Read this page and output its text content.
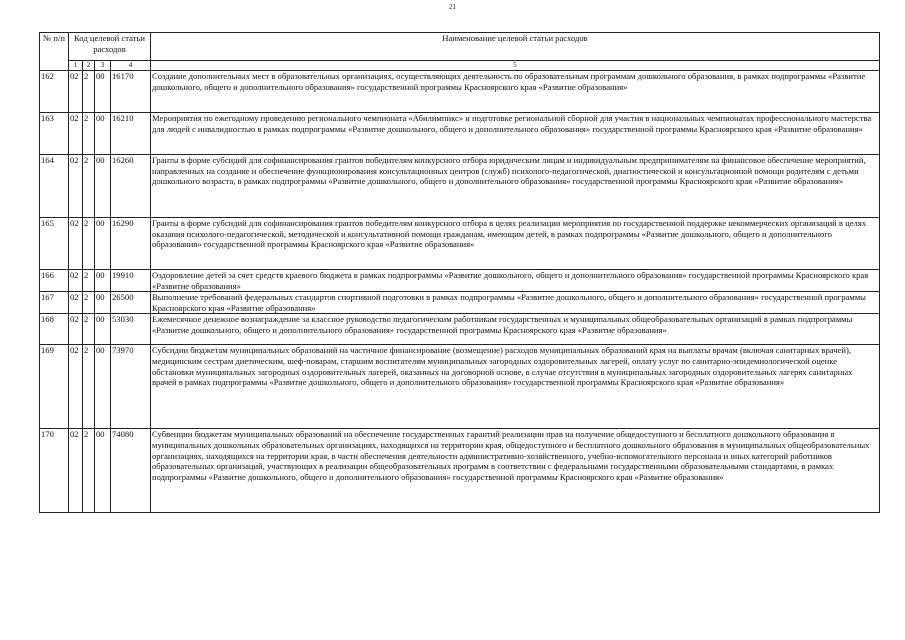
21
№ п/п	Код целевой статьи расходов				Наименование целевой статьи расходов
	1	2	3	4	5
162	02	2	00	16170	Создание дополнительных мест в образовательных организациях, осуществляющих деятельность по образовательным программам дошкольного образования, в рамках подпрограммы «Развитие дошкольного, общего и дополнительного образования» государственной программы Красноярского края «Развитие образования»
163	02	2	00	16210	Мероприятия по ежегодному проведению регионального чемпионата «Абилимпикс» и подготовке региональной сборной для участия в национальных чемпионатах профессионального мастерства для людей с инвалидностью в рамках подпрограммы «Развитие дошкольного, общего и дополнительного образования» государственной программы Красноярского края «Развитие образования»
164	02	2	00	16260	Гранты в форме субсидий для софинансирования грантов победителям конкурсного отбора юридическим лицам и индивидуальным предпринимателям на финансовое обеспечение мероприятий, направленных на создание и обеспечение функционирования консультационных центров (служб) психолого-педагогической, диагностической и консультационной помощи родителям с детьми дошкольного возраста, в рамках подпрограммы «Развитие дошкольного, общего и дополнительного образования» государственной программы Красноярского края «Развитие образования»
165	02	2	00	16290	Гранты в форме субсидий для софинансирования грантов победителям конкурсного отбора в целях реализации мероприятия по государственной поддержке некоммерческих организаций в целях оказания психолого-педагогической, методической и консультативной помощи гражданам, имеющим детей, в рамках подпрограммы «Развитие дошкольного, общего и дополнительного образования» государственной программы Красноярского края «Развитие образования»
166	02	2	00	19910	Оздоровление детей за счет средств краевого бюджета в рамках подпрограммы «Развитие дошкольного, общего и дополнительного образования» государственной программы Красноярского края «Развитие образования»
167	02	2	00	26500	Выполнение требований федеральных стандартов спортивной подготовки в рамках подпрограммы «Развитие дошкольного, общего и дополнительного образования» государственной программы Красноярского края «Развитие образования»
168	02	2	00	53030	Ежемесячное денежное вознаграждение за классное руководство педагогическим работникам государственных и муниципальных общеобразовательных организаций в рамках подпрограммы «Развитие дошкольного, общего и дополнительного образования» государственной программы Красноярского края «Развитие образования»
169	02	2	00	73970	Субсидии бюджетам муниципальных образований на частичное финансирование (возмещение) расходов муниципальных образований края на выплаты врачам (включая санитарных врачей), медицинским сестрам диетическим, шеф-поварам, старшим воспитателям муниципальных загородных оздоровительных лагерей, оплату услуг по санитарно-эпидемиологической оценке обстановки муниципальных загородных оздоровительных лагерей, оказанных на договорной основе, в случае отсутствия в муниципальных загородных оздоровительных лагерях санитарных врачей в рамках подпрограммы «Развитие дошкольного, общего и дополнительного образования» государственной программы Красноярского края «Развитие образования»
170	02	2	00	74080	Субвенции бюджетам муниципальных образований на обеспечение государственных гарантий реализации прав на получение общедоступного и бесплатного дошкольного образования в муниципальных дошкольных образовательных организациях, находящихся на территории края, общедоступного и бесплатного дошкольного образования в муниципальных общеобразовательных организациях, находящихся на территории края, в части обеспечения деятельности административно-хозяйственного, учебно-вспомогательного персонала и иных категорий работников образовательных организаций, участвующих в реализации общеобразовательных программ в соответствии с федеральными государственными образовательными стандартами, в рамках подпрограммы «Развитие дошкольного, общего и дополнительного образования» государственной программы Красноярского края «Развитие образования»
